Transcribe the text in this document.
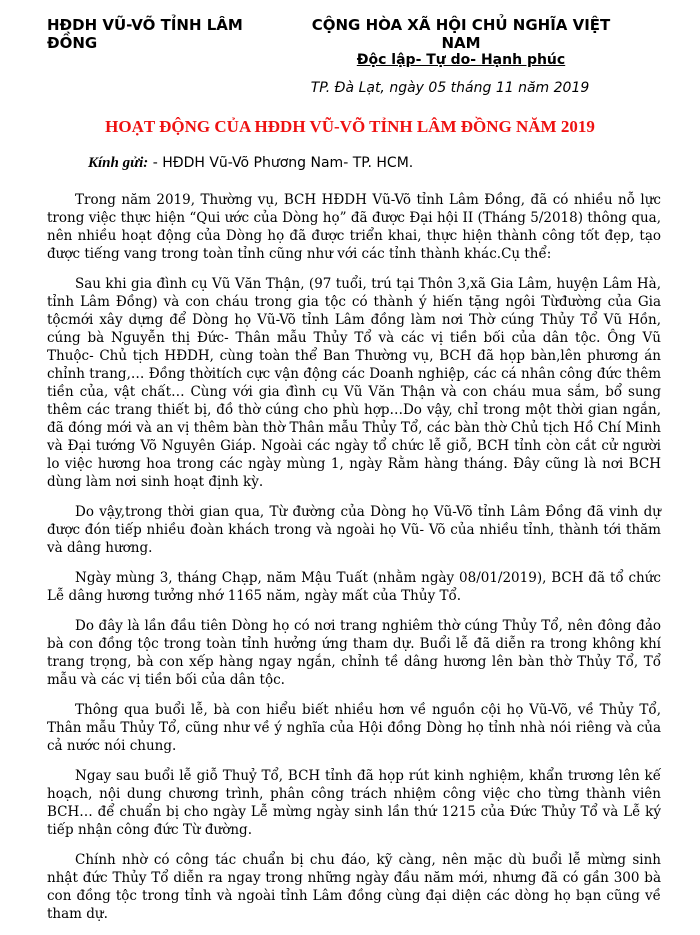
HĐDH VŨ-VÕ TỈNH LÂM ĐỒNG
CỘNG HÒA XÃ HỘI CHỦ NGHĨA VIỆT NAM
Độc lập- Tự do- Hạnh phúc
TP. Đà Lạt, ngày 05 tháng 11 năm 2019
HOẠT ĐỘNG CỦA HĐDH VŨ-VÕ TỈNH LÂM ĐỒNG NĂM 2019
Kính gửi: - HĐDH Vũ-Võ Phương Nam- TP. HCM.

Trong năm 2019, Thường vụ, BCH HĐDH Vũ-Võ tỉnh Lâm Đồng, đã có nhiều nỗ lực trong việc thực hiện “Qui ước của Dòng họ” đã được Đại hội II (Tháng 5/2018) thông qua, nên nhiều hoạt động của Dòng họ đã được triển khai, thực hiện thành công tốt đẹp, tạo được tiếng vang trong toàn tỉnh cũng như với các tỉnh thành khác.Cụ thể:

Sau khi gia đình cụ Vũ Văn Thận, (97 tuổi, trú tại Thôn 3,xã Gia Lâm, huyện Lâm Hà, tỉnh Lâm Đồng) và con cháu trong gia tộc có thành ý hiến tặng ngôi Từđường của Gia tộcmới xây dựng để Dòng họ Vũ-Võ tỉnh Lâm đồng làm nơi Thờ cúng Thủy Tổ Vũ Hồn, cúng bà Nguyễn thị Đức- Thân mẫu Thủy Tổ và các vị tiền bối của dân tộc. Ông Vũ Thuộc- Chủ tịch HĐDH, cùng toàn thể Ban Thường vụ, BCH đã họp bàn,lên phương án chỉnh trang,… Đồng thờitích cực vận động các Doanh nghiệp, các cá nhân công đức thêm tiền của, vật chất… Cùng với gia đình cụ Vũ Văn Thận và con cháu mua sắm, bổ sung thêm các trang thiết bị, đồ thờ cúng cho phù hợp…Do vậy, chỉ trong một thời gian ngắn, đã đóng mới và an vị thêm bàn thờ Thân mẫu Thủy Tổ, các bàn thờ Chủ tịch Hồ Chí Minh và Đại tướng Võ Nguyên Giáp. Ngoài các ngày tổ chức lễ giỗ, BCH tỉnh còn cắt cử người lo việc hương hoa trong các ngày mùng 1, ngày Rằm hàng tháng. Đây cũng là nơi BCH dùng làm nơi sinh hoạt định kỳ.

Do vậy,trong thời gian qua, Từ đường của Dòng họ Vũ-Võ tỉnh Lâm Đồng đã vinh dự được đón tiếp nhiều đoàn khách trong và ngoài họ Vũ- Võ của nhiều tỉnh, thành tới thăm và dâng hương.

Ngày mùng 3, tháng Chạp, năm Mậu Tuất (nhằm ngày 08/01/2019), BCH đã tổ chức Lễ dâng hương tưởng nhớ 1165 năm, ngày mất của Thủy Tổ.

Do đây là lần đầu tiên Dòng họ có nơi trang nghiêm thờ cúng Thủy Tổ, nên đông đảo bà con đồng tộc trong toàn tỉnh hưởng ứng tham dự. Buổi lễ đã diễn ra trong không khí trang trọng, bà con xếp hàng ngay ngắn, chỉnh tề dâng hương lên bàn thờ Thủy Tổ, Tổ mẫu và các vị tiền bối của dân tộc.

Thông qua buổi lễ, bà con hiểu biết nhiều hơn về nguồn cội họ Vũ-Võ, về Thủy Tổ, Thân mẫu Thủy Tổ, cũng như về ý nghĩa của Hội đồng Dòng họ tỉnh nhà nói riêng và của cả nước nói chung.

Ngay sau buổi lễ giỗ Thuỷ Tổ, BCH tỉnh đã họp rút kinh nghiệm, khẩn trương lên kế hoạch, nội dung chương trình, phân công trách nhiệm công việc cho từng thành viên BCH… để chuẩn bị cho ngày Lễ mừng ngày sinh lần thứ 1215 của Đức Thủy Tổ và Lễ ký tiếp nhận công đức Từ đường.

Chính nhờ có công tác chuẩn bị chu đáo, kỹ càng, nên mặc dù buổi lễ mừng sinh nhật đức Thủy Tổ diễn ra ngay trong những ngày đầu năm mới, nhưng đã có gần 300 bà con đồng tộc trong tỉnh và ngoài tỉnh Lâm đồng cùng đại diện các dòng họ bạn cũng về tham dự.
